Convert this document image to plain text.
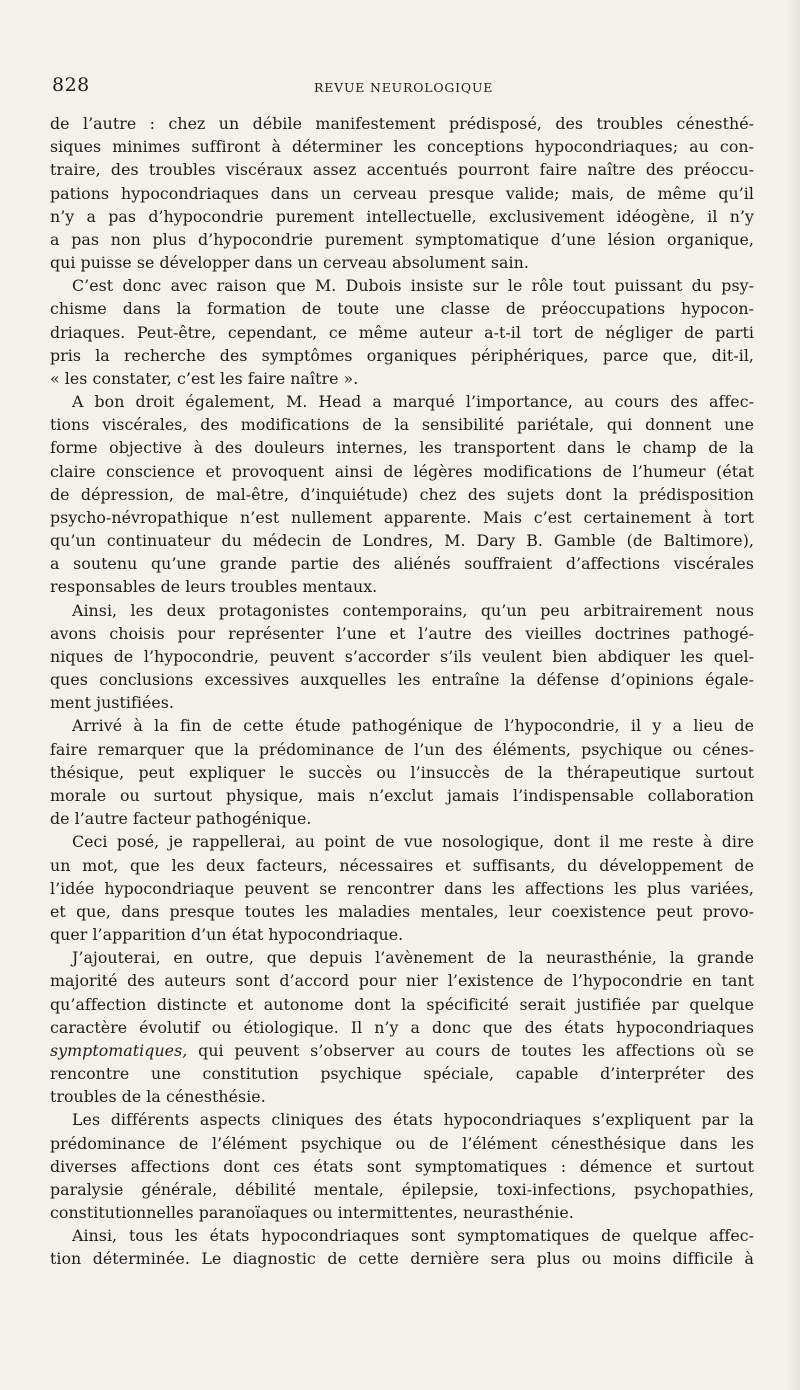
828	REVUE NEUROLOGIQUE
de l’autre : chez un débile manifestement prédisposé, des troubles cénesthé-
siques minimes suffiront à déterminer les conceptions hypocondriaques; au con-
traire, des troubles viscéraux assez accentués pourront faire naître des préoccu-
pations hypocondriaques dans un cerveau presque valide; mais, de même qu’il
n’y a pas d’hypocondrie purement intellectuelle, exclusivement idéogène, il n’y
a pas non plus d’hypocondrie purement symptomatique d’une lésion organique,
qui puisse se développer dans un cerveau absolument sain.
C’est donc avec raison que M. Dubois insiste sur le rôle tout puissant du psy-
chisme dans la formation de toute une classe de préoccupations hypocon-
driaques. Peut-être, cependant, ce même auteur a-t-il tort de négliger de parti
pris la recherche des symptômes organiques périphériques, parce que, dit-il,
« les constater, c’est les faire naître ».
A bon droit également, M. Head a marqué l’importance, au cours des affec-
tions viscérales, des modifications de la sensibilité pariétale, qui donnent une
forme objective à des douleurs internes, les transportent dans le champ de la
claire conscience et provoquent ainsi de légères modifications de l’humeur (état
de dépression, de mal-être, d’inquiétude) chez des sujets dont la prédisposition
psycho-névropathique n’est nullement apparente. Mais c’est certainement à tort
qu’un continuateur du médecin de Londres, M. Dary B. Gamble (de Baltimore),
a soutenu qu’une grande partie des aliénés souffraient d’affections viscérales
responsables de leurs troubles mentaux.
Ainsi, les deux protagonistes contemporains, qu’un peu arbitrairement nous
avons choisis pour représenter l’une et l’autre des vieilles doctrines pathogé-
niques de l’hypocondrie, peuvent s’accorder s’ils veulent bien abdiquer les quel-
ques conclusions excessives auxquelles les entraîne la défense d’opinions égale-
ment justifiées.
Arrivé à la fin de cette étude pathogénique de l’hypocondrie, il y a lieu de
faire remarquer que la prédominance de l’un des éléments, psychique ou cénes-
thésique, peut expliquer le succès ou l’insuccès de la thérapeutique surtout
morale ou surtout physique, mais n’exclut jamais l’indispensable collaboration
de l’autre facteur pathogénique.
Ceci posé, je rappellerai, au point de vue nosologique, dont il me reste à dire
un mot, que les deux facteurs, nécessaires et suffisants, du développement de
l’idée hypocondriaque peuvent se rencontrer dans les affections les plus variées,
et que, dans presque toutes les maladies mentales, leur coexistence peut provo-
quer l’apparition d’un état hypocondriaque.
J’ajouterai, en outre, que depuis l’avènement de la neurasthénie, la grande
majorité des auteurs sont d’accord pour nier l’existence de l’hypocondrie en tant
qu’affection distincte et autonome dont la spécificité serait justifiée par quelque
caractère évolutif ou étiologique. Il n’y a donc que des états hypocondriaques
symptomatiques, qui peuvent s’observer au cours de toutes les affections où se
rencontre une constitution psychique spéciale, capable d’interpréter des
troubles de la cénesthésie.
Les différents aspects cliniques des états hypocondriaques s’expliquent par la
prédominance de l’élément psychique ou de l’élément cénesthésique dans les
diverses affections dont ces états sont symptomatiques : démence et surtout
paralysie générale, débilité mentale, épilepsie, toxi-infections, psychopathies,
constitutionnelles paranoïaques ou intermittentes, neurasthénie.
Ainsi, tous les états hypocondriaques sont symptomatiques de quelque affec-
tion déterminée. Le diagnostic de cette dernière sera plus ou moins difficile à
